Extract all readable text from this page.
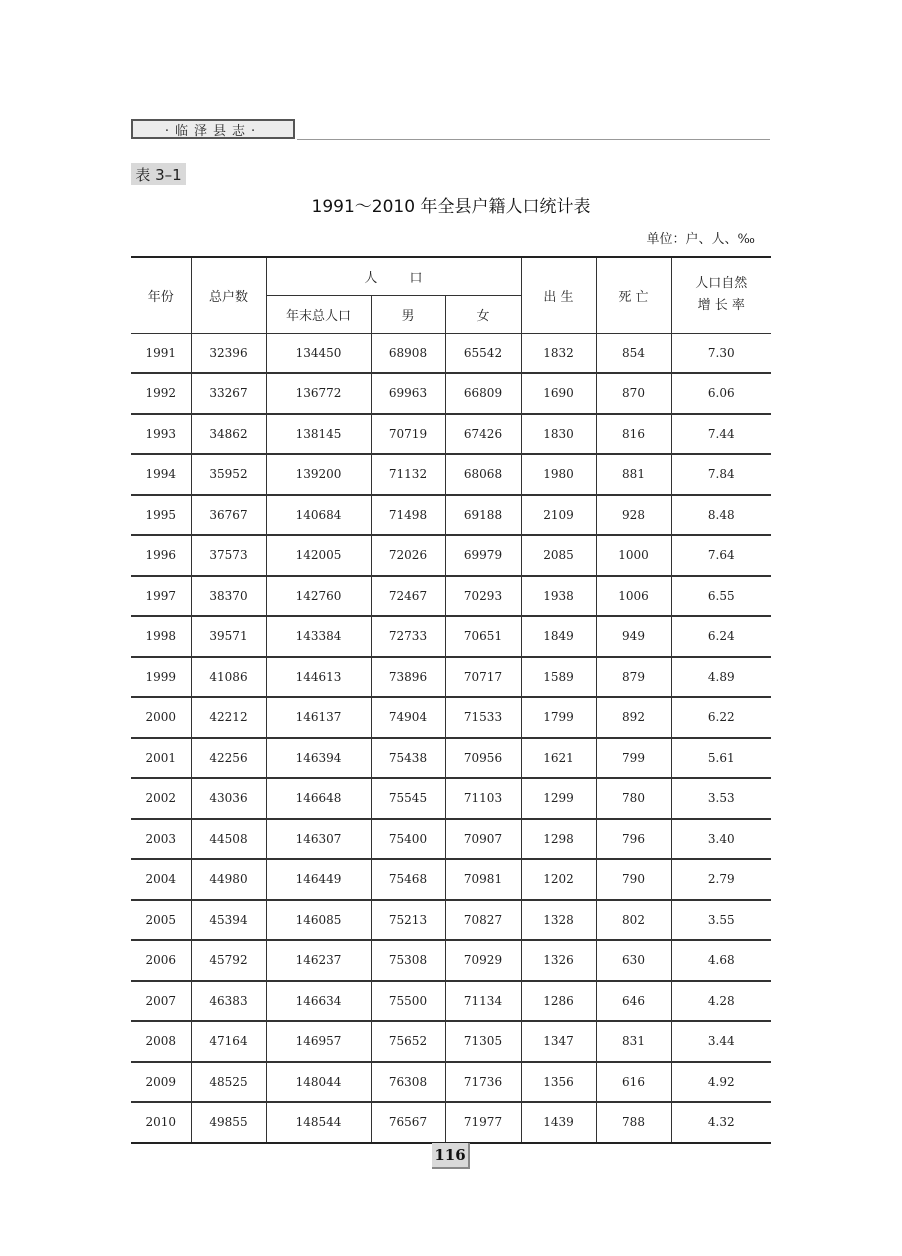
·临泽县志·
表 3–1
1991～2010 年全县户籍人口统计表
单位：户、人、‰
年份	总户数	人 口			出 生	死 亡	人口自然
增 长 率

		年末总人口	男	女			
1991	32396	134450	68908	65542	1832	854	7.30
1992	33267	136772	69963	66809	1690	870	6.06
1993	34862	138145	70719	67426	1830	816	7.44
1994	35952	139200	71132	68068	1980	881	7.84
1995	36767	140684	71498	69188	2109	928	8.48
1996	37573	142005	72026	69979	2085	1000	7.64
1997	38370	142760	72467	70293	1938	1006	6.55
1998	39571	143384	72733	70651	1849	949	6.24
1999	41086	144613	73896	70717	1589	879	4.89
2000	42212	146137	74904	71533	1799	892	6.22
2001	42256	146394	75438	70956	1621	799	5.61
2002	43036	146648	75545	71103	1299	780	3.53
2003	44508	146307	75400	70907	1298	796	3.40
2004	44980	146449	75468	70981	1202	790	2.79
2005	45394	146085	75213	70827	1328	802	3.55
2006	45792	146237	75308	70929	1326	630	4.68
2007	46383	146634	75500	71134	1286	646	4.28
2008	47164	146957	75652	71305	1347	831	3.44
2009	48525	148044	76308	71736	1356	616	4.92
2010	49855	148544	76567	71977	1439	788	4.32
116
